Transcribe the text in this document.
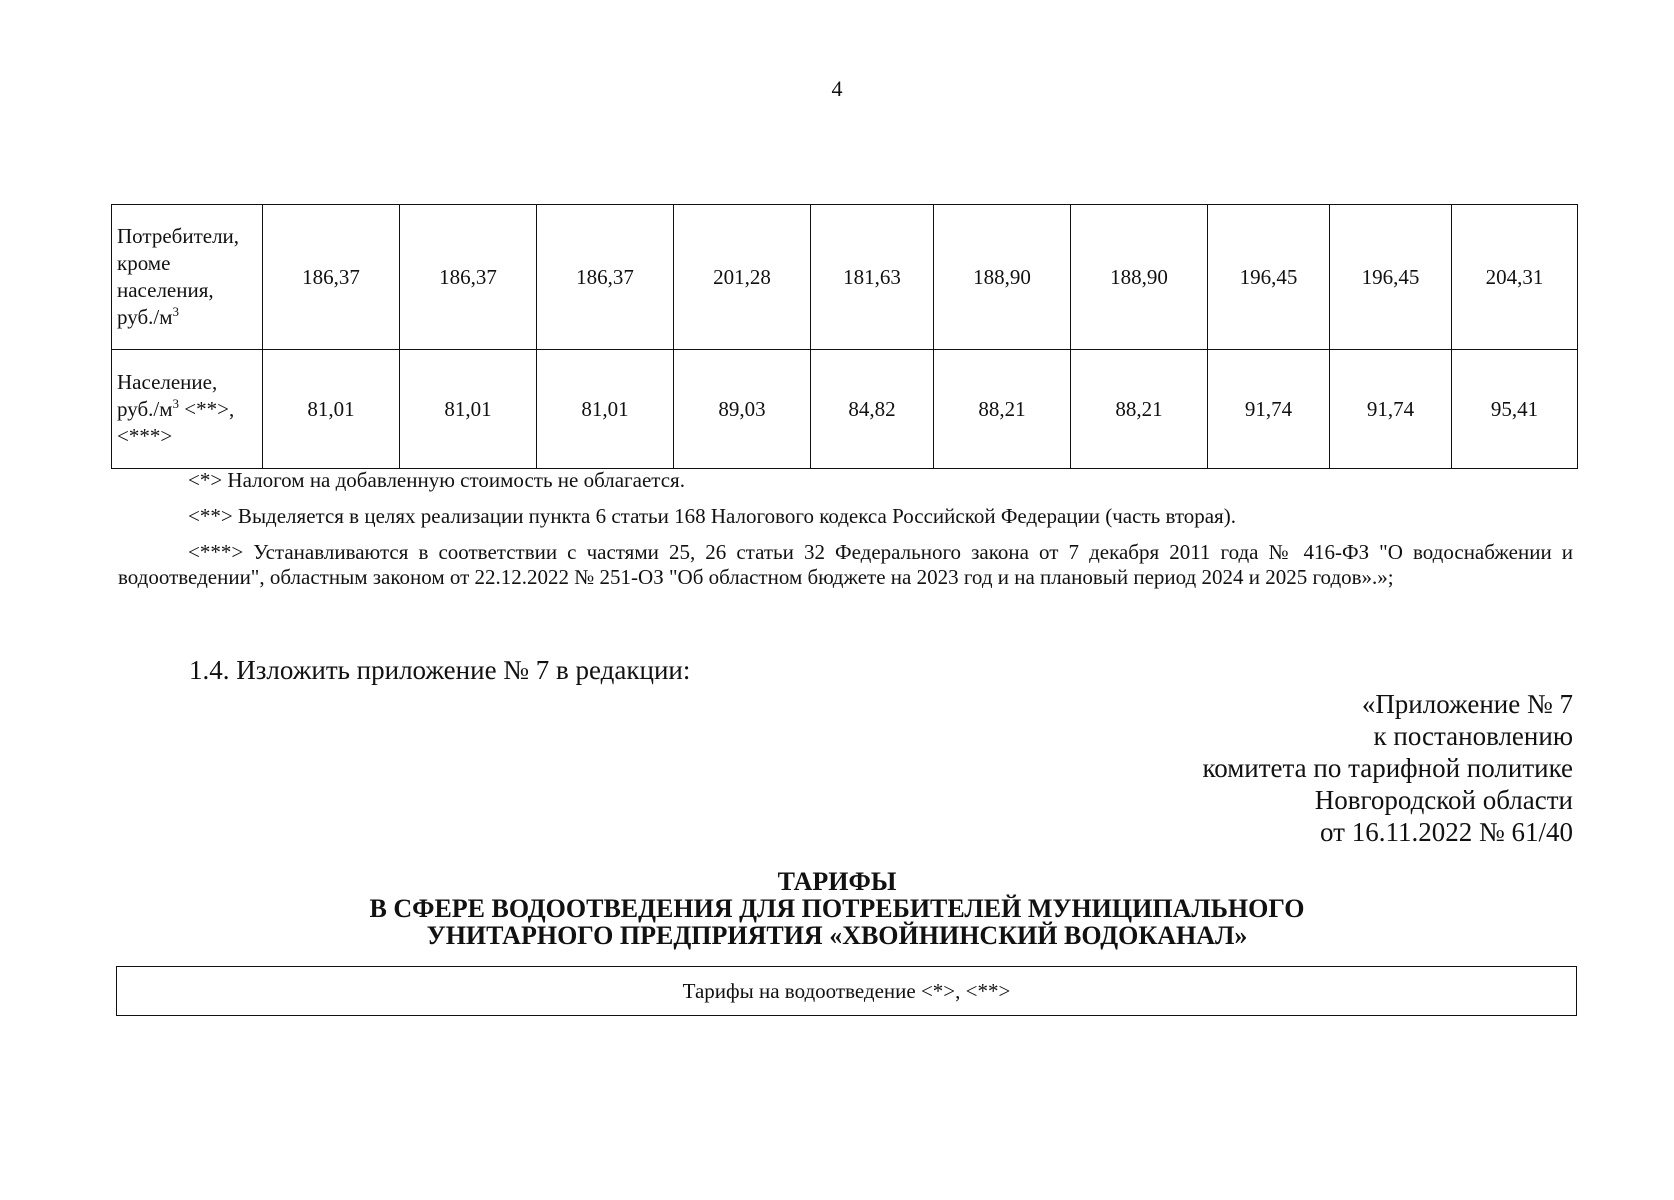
4
Потребители,
кроме
населения,
$руб./м^3$	186,37	186,37	186,37	201,28	181,63	188,90	188,90	196,45	196,45	204,31
Население,
$руб./м^3$ <**>,
<***>	81,01	81,01	81,01	89,03	84,82	88,21	88,21	91,74	91,74	95,41
<*> Налогом на добавленную стоимость не облагается.
<**> Выделяется в целях реализации пункта 6 статьи 168 Налогового кодекса Российской Федерации (часть вторая).
<***> Устанавливаются в соответствии с частями 25, 26 статьи 32 Федерального закона от 7 декабря 2011 года № 416-ФЗ "О водоснабжении и водоотведении", областным законом от 22.12.2022 № 251-ОЗ "Об областном бюджете на 2023 год и на плановый период 2024 и 2025 годов».»;
1.4. Изложить приложение № 7 в редакции:
«Приложение № 7
к постановлению
комитета по тарифной политике
Новгородской области
от 16.11.2022 № 61/40
ТАРИФЫ
В СФЕРЕ ВОДООТВЕДЕНИЯ ДЛЯ ПОТРЕБИТЕЛЕЙ МУНИЦИПАЛЬНОГО
УНИТАРНОГО ПРЕДПРИЯТИЯ «ХВОЙНИНСКИЙ ВОДОКАНАЛ»
Тарифы на водоотведение <*>, <**>
